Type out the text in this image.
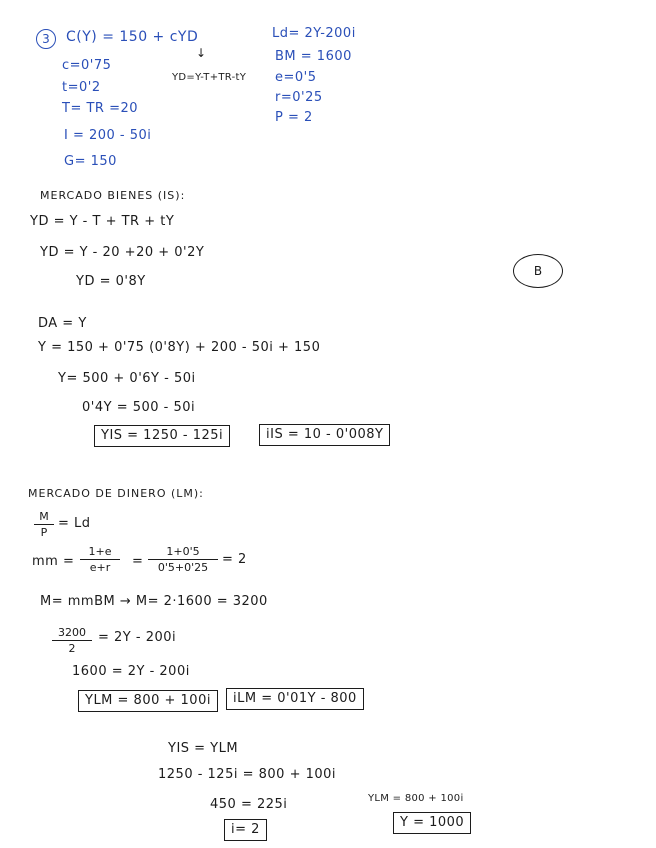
3	C(Y) = 150 + cYD
↓
YD=Y-T+TR-tY
c=0'75
t=0'2
T= TR =20
I = 200 - 50i
G= 150
Ld= 2Y-200i
BM = 1600
e=0'5
r=0'25
P = 2
MERCADO BIENES (IS):
YD = Y - T + TR + tY
YD = Y - 20 +20 + 0'2Y
YD = 0'8Y
B
DA = Y
Y = 150 + 0'75 (0'8Y) + 200 - 50i + 150
Y= 500 + 0'6Y - 50i
0'4Y = 500 - 50i
YIS = 1250 - 125i	iIS = 10 - 0'008Y
MERCADO DE DINERO (LM):
M
P
= Ld
mm =
1+e
e+r =
1+0'5
0'5+0'25
= 2
M= mmBM → M= 2·1600 = 3200
3200
2
= 2Y - 200i
1600 = 2Y - 200i
YLM = 800 + 100i	iLM = 0'01Y - 800
YIS = YLM
1250 - 125i = 800 + 100i
450 = 225i
i= 2
YLM = 800 + 100i
Y = 1000
